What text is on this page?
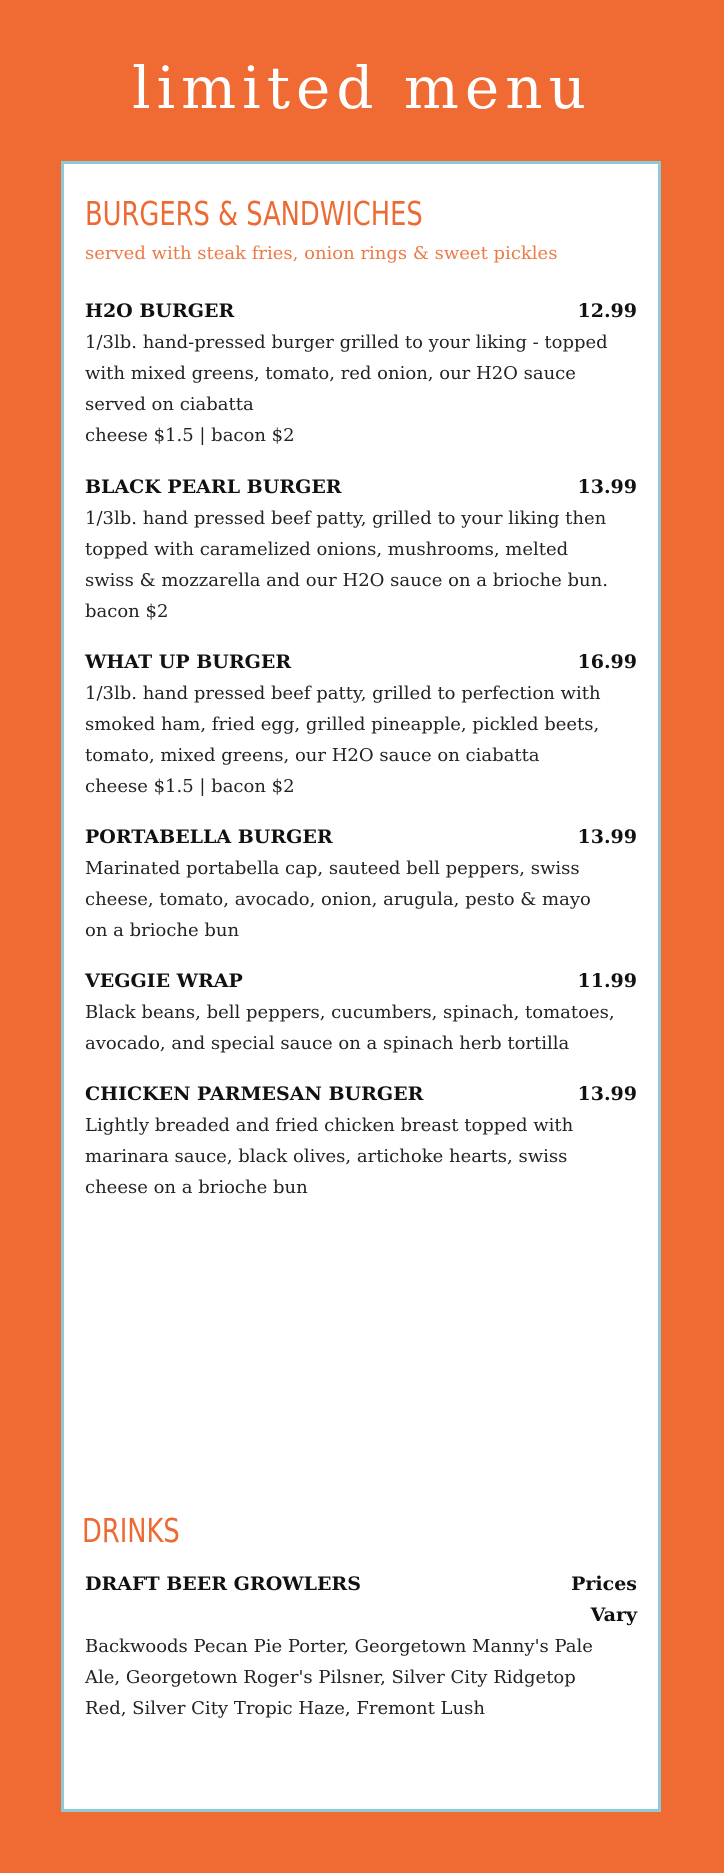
limited menu
BURGERS & SANDWICHES
served with steak fries, onion rings & sweet pickles
H2O BURGER	12.99
1/3lb. hand-pressed burger grilled to your liking - topped
with mixed greens, tomato, red onion, our H2O sauce
served on ciabatta
cheese $1.5 | bacon $2
BLACK PEARL BURGER	13.99
1/3lb. hand pressed beef patty, grilled to your liking then
topped with caramelized onions, mushrooms, melted
swiss & mozzarella and our H2O sauce on a brioche bun.
bacon $2
WHAT UP BURGER	16.99
1/3lb. hand pressed beef patty, grilled to perfection with
smoked ham, fried egg, grilled pineapple, pickled beets,
tomato, mixed greens, our H2O sauce on ciabatta
cheese $1.5 | bacon $2
PORTABELLA BURGER	13.99
Marinated portabella cap, sauteed bell peppers, swiss
cheese, tomato, avocado, onion, arugula, pesto & mayo
on a brioche bun
VEGGIE WRAP	11.99
Black beans, bell peppers, cucumbers, spinach, tomatoes,
avocado, and special sauce on a spinach herb tortilla
CHICKEN PARMESAN BURGER	13.99
Lightly breaded and fried chicken breast topped with
marinara sauce, black olives, artichoke hearts, swiss
cheese on a brioche bun
DRINKS
DRAFT BEER GROWLERS	Prices
Vary
Backwoods Pecan Pie Porter, Georgetown Manny's Pale
Ale, Georgetown Roger's Pilsner, Silver City Ridgetop
Red, Silver City Tropic Haze, Fremont Lush
